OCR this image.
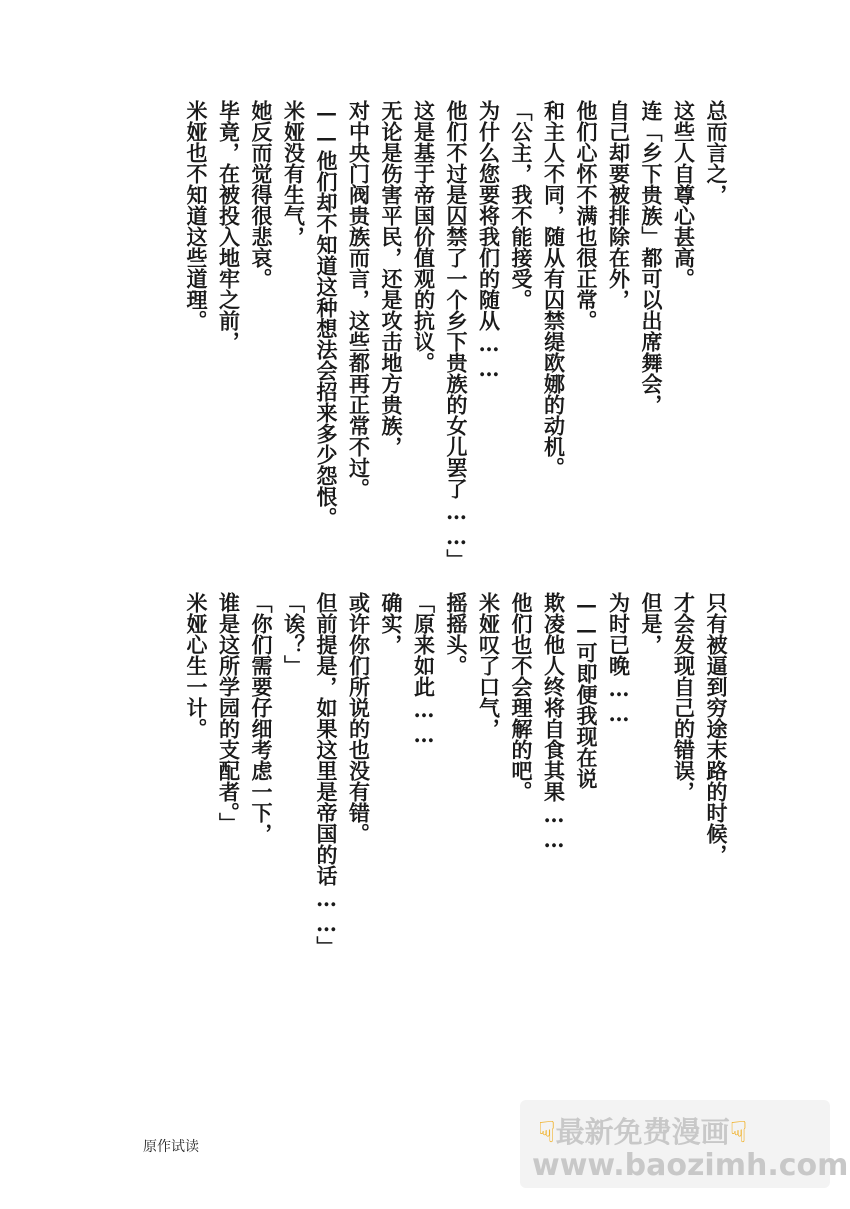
总而言之，

这些人自尊心甚高。

连「乡下贵族」都可以出席舞会，

自己却要被排除在外，

他们心怀不满也很正常。

和主人不同，随从有囚禁缇欧娜的动机。

「公主，我不能接受。

为什么您要将我们的随从……

他们不过是囚禁了一个乡下贵族的女儿罢了……」

这是基于帝国价值观的抗议。

无论是伤害平民，还是攻击地方贵族，

对中央门阀贵族而言，这些都再正常不过。

——他们却不知道这种想法会招来多少怨恨。

米娅没有生气，

她反而觉得很悲哀。

毕竟，在被投入地牢之前，

米娅也不知道这些道理。

只有被逼到穷途末路的时候，

才会发现自己的错误，

但是，

为时已晚……

——可即便我现在说

欺凌他人终将自食其果……

他们也不会理解的吧。

米娅叹了口气，

摇摇头。

「原来如此……

确实，

或许你们所说的也没有错。

但前提是，如果这里是帝国的话……」

「诶？」

「你们需要仔细考虑一下，

谁是这所学园的支配者。」

米娅心生一计。

原作试读	☟最新免费漫画☟
www.baozimh.com
